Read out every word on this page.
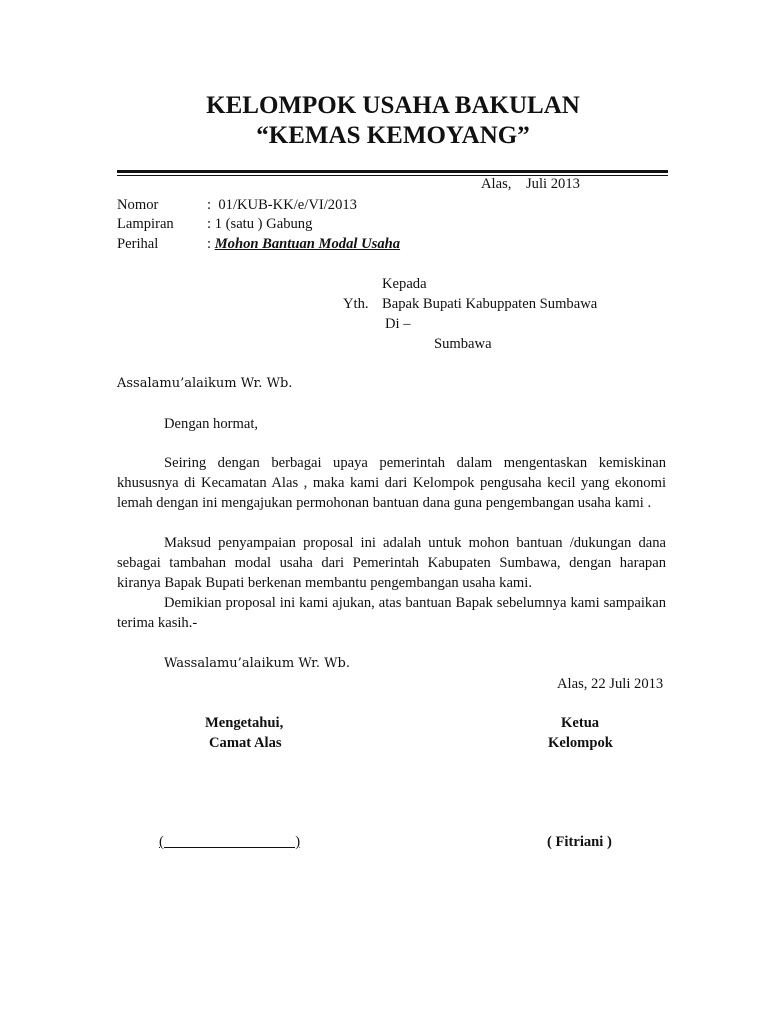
KELOMPOK USAHA BAKULAN
“KEMAS KEMOYANG”
Alas,    Juli 2013
Nomor	:  01/KUB-KK/e/VI/2013
Lampiran : 1 (satu ) Gabung
Perihal	: Mohon Bantuan Modal Usaha
Kepada
Yth. Bapak Bupati Kabuppaten Sumbawa
Di –
Sumbawa
Assalamu’alaikum Wr. Wb.
Dengan hormat,
Seiring dengan berbagai upaya pemerintah dalam mengentaskan kemiskinan khususnya di Kecamatan Alas , maka kami dari Kelompok pengusaha kecil yang ekonomi lemah dengan ini mengajukan permohonan bantuan dana guna pengembangan usaha kami .
Maksud penyampaian proposal ini adalah untuk mohon bantuan /dukungan dana sebagai tambahan modal usaha dari Pemerintah Kabupaten Sumbawa, dengan harapan kiranya Bapak Bupati berkenan membantu pengembangan usaha kami.
Demikian proposal ini kami ajukan, atas bantuan Bapak sebelumnya kami sampaikan terima kasih.-
Wassalamu’alaikum Wr. Wb.
Alas, 22 Juli 2013
Mengetahui,
Camat Alas
Ketua
Kelompok
(                                    )	( Fitriani )
